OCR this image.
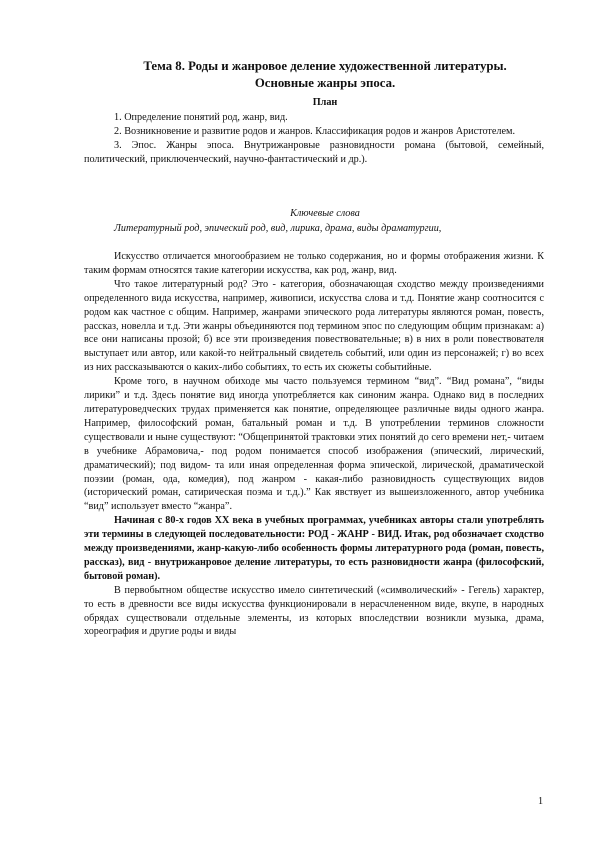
Тема 8. Роды и жанровое деление художественной литературы.
Основные жанры эпоса.
План

1. Определение понятий род, жанр, вид.

2. Возникновение и развитие родов и жанров. Классификация родов и жанров Аристотелем.

3. Эпос. Жанры эпоса. Внутрижанровые разновидности романа (бытовой, семейный, политический, приключенческий, научно-фантастический и др.).

Ключевые слова

Литературный род, эпический род, вид, лирика, драма, виды драматургии,

Искусство отличается многообразием не только содержания, но и формы отображения жизни. К таким формам относятся такие категории искусства, как род, жанр, вид.

Что такое литературный род? Это - категория, обозначающая сходство между произведениями определенного вида искусства, например, живописи, искусства слова и т.д. Понятие жанр соотносится с родом как частное с общим. Например, жанрами эпического рода литературы являются роман, повесть, рассказ, новелла и т.д. Эти жанры объединяются под термином эпос по следующим общим признакам: а) все они написаны прозой; б) все эти произведения повествовательные; в) в них в роли повествователя выступает или автор, или какой-то нейтральный свидетель событий, или один из персонажей; г) во всех из них рассказываются о каких-либо событиях, то есть их сюжеты событийные.

Кроме того, в научном обиходе мы часто пользуемся термином “вид”. “Вид романа”, “виды лирики” и т.д. Здесь понятие вид иногда употребляется как синоним жанра. Однако вид в последних литературоведческих трудах применяется как понятие, определяющее различные виды одного жанра. Например, философский роман, батальный роман и т.д. В употреблении терминов сложности существовали и ныне существуют: “Общепринятой трактовки этих понятий до сего времени нет,- читаем в учебнике Абрамовича,- под родом понимается способ изображения (эпический, лирический, драматический); под видом- та или иная определенная форма эпической, лирической, драматической поэзии (роман, ода, комедия), под жанром - какая-либо разновидность существующих видов (исторический роман, сатирическая поэма и т.д.).” Как явствует из вышеизложенного, автор учебника “вид” использует вместо “жанра”.

Начиная с 80-х годов XX века в учебных программах, учебниках авторы стали употреблять эти термины в следующей последовательности: РОД - ЖАНР - ВИД. Итак, род обозначает сходство между произведениями, жанр-какую-либо особенность формы литературного рода (роман, повесть, рассказ), вид - внутрижанровое деление литературы, то есть разновидности жанра (философский, бытовой роман).

В первобытном обществе искусство имело синтетический («символический» - Гегель) характер, то есть в древности все виды искусства функционировали в нерасчлененном виде, вкупе, в народных обрядах существовали отдельные элементы, из которых впоследствии возникли музыка, драма, хореография и другие роды и виды

1
